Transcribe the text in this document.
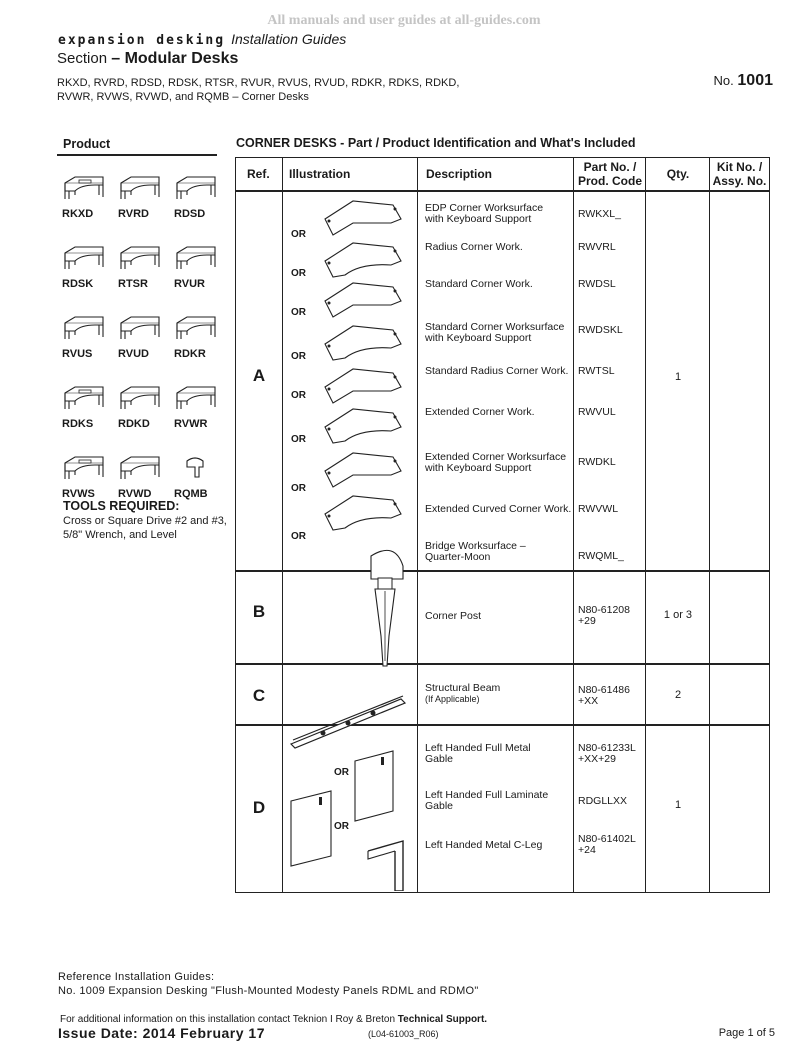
All manuals and user guides at all-guides.com
expansion desking Installation Guides
Section – Modular Desks
RKXD, RVRD, RDSD, RDSK, RTSR, RVUR, RVUS, RVUD, RDKR, RDKS, RDKD,
RVWR, RVWS, RVWD, and RQMB – Corner Desks
No. 1001
Product
RKXD	RVRD	RDSD
RDSK	RTSR	RVUR
RVUS	RVUD	RDKR
RDKS	RDKD	RVWR
RVWS	RVWD	RQMB
TOOLS REQUIRED:
Cross or Square Drive #2 and #3,
5/8" Wrench, and Level
CORNER DESKS - Part / Product Identification and What's Included
Ref. Illustration	Description	Part No. /
Prod. Code	Qty.	Kit No. /
Assy. No.
A	1
EDP Corner Worksurface
with Keyboard Support	RWKXL_
Radius Corner Work.	RWVRL
Standard Corner Work.	RWDSL
Standard Corner Worksurface
with Keyboard Support
RWDSKL
Standard Radius Corner Work. RWTSL
Extended Corner Work.	RWVUL
Extended Corner Worksurface
with Keyboard Support	RWDKL
Extended Curved Corner Work. RWVWL
Bridge Worksurface –
Quarter-Moon	RWQML_
OR
OR
OR
OR
OR
OR
OR
OR
B	Corner Post	N80-61208
+29	1 or 3
C	Structural Beam
(If Applicable)
N80-61486
+XX	2
D	1
Left Handed Full Metal
Gable
N80-61233L
+XX+29
Left Handed Full Laminate
Gable	RDGLLXX
Left Handed Metal C-Leg	N80-61402L
+24
OR
OR
Reference Installation Guides:
No. 1009 Expansion Desking "Flush-Mounted Modesty Panels RDML and RDMO"
For additional information on this installation contact Teknion I Roy & Breton Technical Support.
Issue Date: 2014 February 17	(L04-61003_R06)	Page 1 of 5
